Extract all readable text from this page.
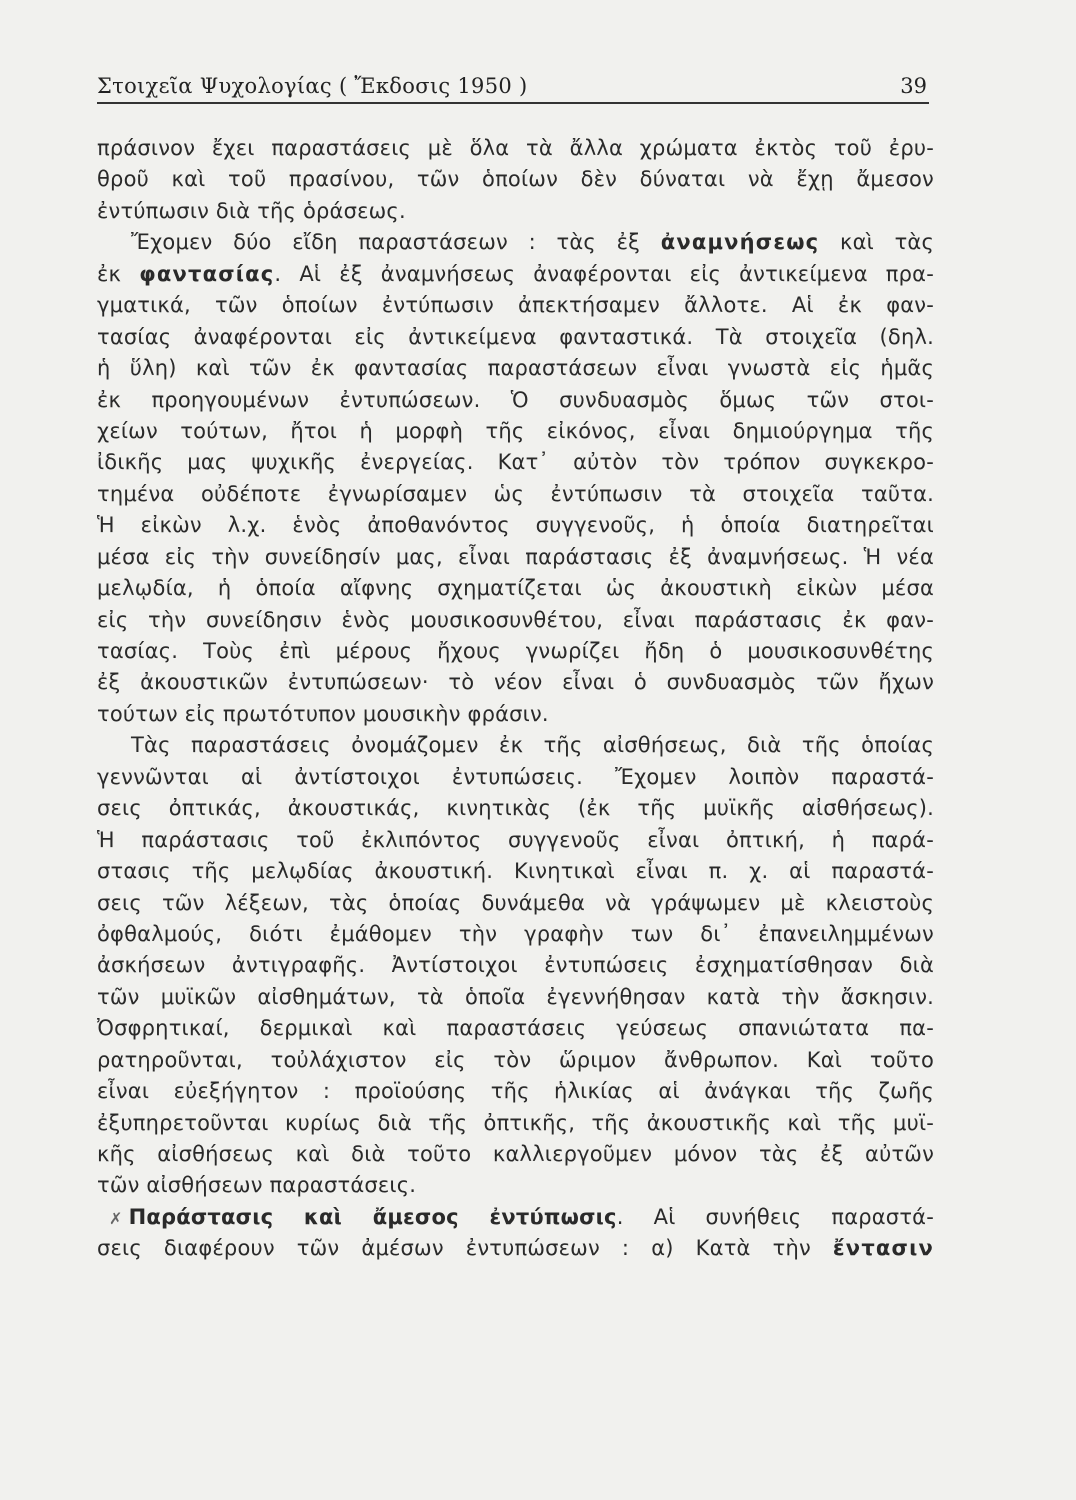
Στοιχεῖα Ψυχολογίας ( Ἔκδοσις 1950 )	39
πράσινον ἔχει παραστάσεις μὲ ὅλα τὰ ἄλλα χρώματα ἐκτὸς τοῦ ἐρυ-
θροῦ καὶ τοῦ πρασίνου, τῶν ὁποίων δὲν δύναται νὰ ἔχῃ ἄμεσον
ἐντύπωσιν διὰ τῆς ὁράσεως.
Ἔχομεν δύο εἴδη παραστάσεων : τὰς ἐξ ἀναμνήσεως καὶ τὰς
ἐκ φαντασίας. Αἱ ἐξ ἀναμνήσεως ἀναφέρονται εἰς ἀντικείμενα πρα-
γματικά, τῶν ὁποίων ἐντύπωσιν ἀπεκτήσαμεν ἄλλοτε. Αἱ ἐκ φαν-
τασίας ἀναφέρονται εἰς ἀντικείμενα φανταστικά. Τὰ στοιχεῖα (δηλ.
ἡ ὕλη) καὶ τῶν ἐκ φαντασίας παραστάσεων εἶναι γνωστὰ εἰς ἡμᾶς
ἐκ προηγουμένων ἐντυπώσεων. Ὁ συνδυασμὸς ὅμως τῶν στοι-
χείων τούτων, ἤτοι ἡ μορφὴ τῆς εἰκόνος, εἶναι δημιούργημα τῆς
ἰδικῆς μας ψυχικῆς ἐνεργείας. Κατ᾽ αὐτὸν τὸν τρόπον συγκεκρο-
τημένα οὐδέποτε ἐγνωρίσαμεν ὡς ἐντύπωσιν τὰ στοιχεῖα ταῦτα.
Ἡ εἰκὼν λ.χ. ἑνὸς ἀποθανόντος συγγενοῦς, ἡ ὁποία διατηρεῖται
μέσα εἰς τὴν συνείδησίν μας, εἶναι παράστασις ἐξ ἀναμνήσεως. Ἡ νέα
μελῳδία, ἡ ὁποία αἴφνης σχηματίζεται ὡς ἀκουστικὴ εἰκὼν μέσα
εἰς τὴν συνείδησιν ἑνὸς μουσικοσυνθέτου, εἶναι παράστασις ἐκ φαν-
τασίας. Τοὺς ἐπὶ μέρους ἤχους γνωρίζει ἤδη ὁ μουσικοσυνθέτης
ἐξ ἀκουστικῶν ἐντυπώσεων· τὸ νέον εἶναι ὁ συνδυασμὸς τῶν ἤχων
τούτων εἰς πρωτότυπον μουσικὴν φράσιν.
Τὰς παραστάσεις ὀνομάζομεν ἐκ τῆς αἰσθήσεως, διὰ τῆς ὁποίας
γεννῶνται αἱ ἀντίστοιχοι ἐντυπώσεις. Ἔχομεν λοιπὸν παραστά-
σεις ὀπτικάς, ἀκουστικάς, κινητικὰς (ἐκ τῆς μυϊκῆς αἰσθήσεως).
Ἡ παράστασις τοῦ ἐκλιπόντος συγγενοῦς εἶναι ὀπτική, ἡ παρά-
στασις τῆς μελῳδίας ἀκουστική. Κινητικαὶ εἶναι π. χ. αἱ παραστά-
σεις τῶν λέξεων, τὰς ὁποίας δυνάμεθα νὰ γράψωμεν μὲ κλειστοὺς
ὀφθαλμούς, διότι ἐμάθομεν τὴν γραφὴν των δι᾽ ἐπανειλημμένων
ἀσκήσεων ἀντιγραφῆς. Ἀντίστοιχοι ἐντυπώσεις ἐσχηματίσθησαν διὰ
τῶν μυϊκῶν αἰσθημάτων, τὰ ὁποῖα ἐγεννήθησαν κατὰ τὴν ἄσκησιν.
Ὀσφρητικαί, δερμικαὶ καὶ παραστάσεις γεύσεως σπανιώτατα πα-
ρατηροῦνται, τοὐλάχιστον εἰς τὸν ὥριμον ἄνθρωπον. Καὶ τοῦτο
εἶναι εὐεξήγητον : προϊούσης τῆς ἡλικίας αἱ ἀνάγκαι τῆς ζωῆς
ἐξυπηρετοῦνται κυρίως διὰ τῆς ὀπτικῆς, τῆς ἀκουστικῆς καὶ τῆς μυϊ-
κῆς αἰσθήσεως καὶ διὰ τοῦτο καλλιεργοῦμεν μόνον τὰς ἐξ αὐτῶν
τῶν αἰσθήσεων παραστάσεις.
✗ Παράστασις καὶ ἄμεσος ἐντύπωσις. Αἱ συνήθεις παραστά-
σεις διαφέρουν τῶν ἀμέσων ἐντυπώσεων : α) Κατὰ τὴν ἔντασιν
